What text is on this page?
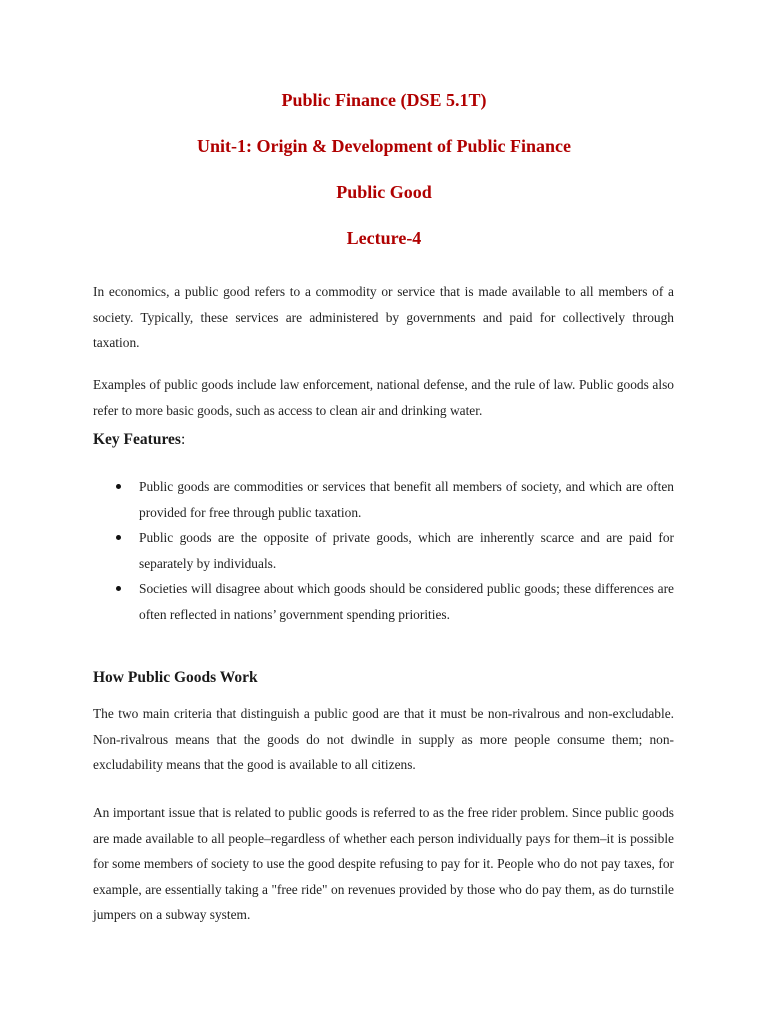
Public Finance (DSE 5.1T)
Unit-1: Origin & Development of Public Finance
Public Good
Lecture-4

In economics, a public good refers to a commodity or service that is made available to all members of a society. Typically, these services are administered by governments and paid for collectively through taxation.

Examples of public goods include law enforcement, national defense, and the rule of law. Public goods also refer to more basic goods, such as access to clean air and drinking water.

Key Features:
Public goods are commodities or services that benefit all members of society, and which are often provided for free through public taxation.
Public goods are the opposite of private goods, which are inherently scarce and are paid for separately by individuals.
Societies will disagree about which goods should be considered public goods; these differences are often reflected in nations’ government spending priorities.
How Public Goods Work

The two main criteria that distinguish a public good are that it must be non-rivalrous and non-excludable. Non-rivalrous means that the goods do not dwindle in supply as more people consume them; non-excludability means that the good is available to all citizens.

An important issue that is related to public goods is referred to as the free rider problem. Since public goods are made available to all people–regardless of whether each person individually pays for them–it is possible for some members of society to use the good despite refusing to pay for it. People who do not pay taxes, for example, are essentially taking a "free ride" on revenues provided by those who do pay them, as do turnstile jumpers on a subway system.
